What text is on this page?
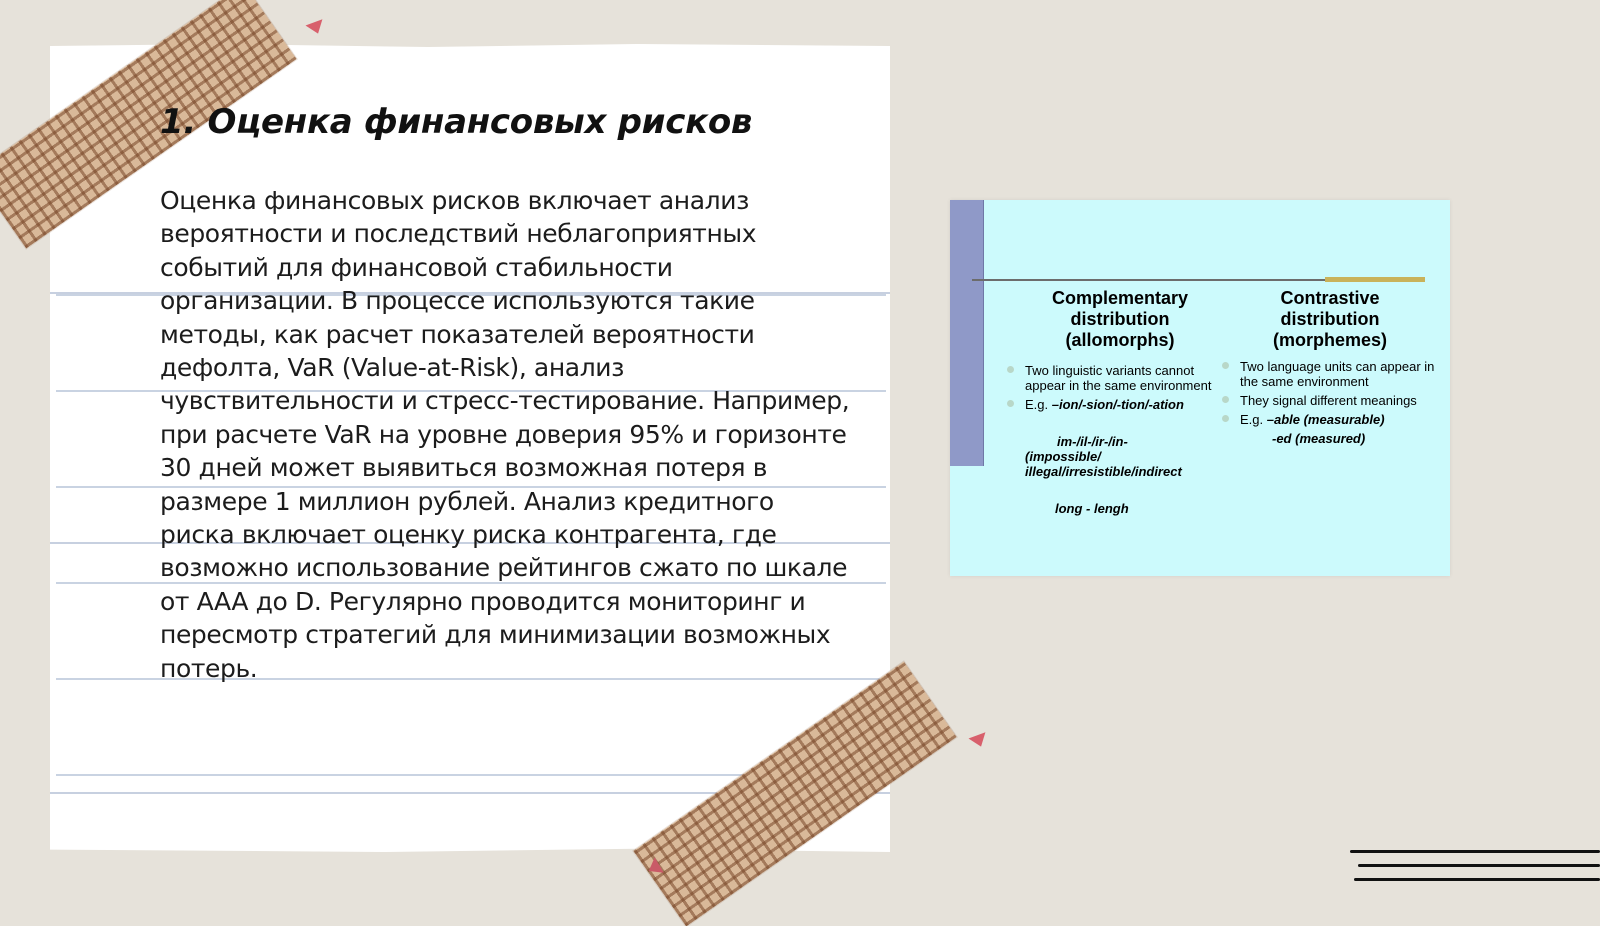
1. Оценка финансовых рисков

Оценка финансовых рисков включает анализ вероятности и последствий неблагоприятных событий для финансовой стабильности организации. В процессе используются такие методы, как расчет показателей вероятности дефолта, VaR (Value-at-Risk), анализ чувствительности и стресс-тестирование. Например, при расчете VaR на уровне доверия 95% и горизонте 30 дней может выявиться возможная потеря в размере 1 миллион рублей. Анализ кредитного риска включает оценку риска контрагента, где возможно использование рейтингов сжато по шкале от AAA до D. Регулярно проводится мониторинг и пересмотр стратегий для минимизации возможных потерь.

Complementary
distribution
(allomorphs)
Two linguistic variants cannot appear in the same environment
E.g. –ion/-sion/-tion/-ation
im-/il-/ir-/in-
(impossible/ illegal/irresistible/indirect
long - lengh
Contrastive
distribution
(morphemes)
Two language units can appear in the same environment
They signal different meanings
E.g. –able (measurable)
-ed (measured)
